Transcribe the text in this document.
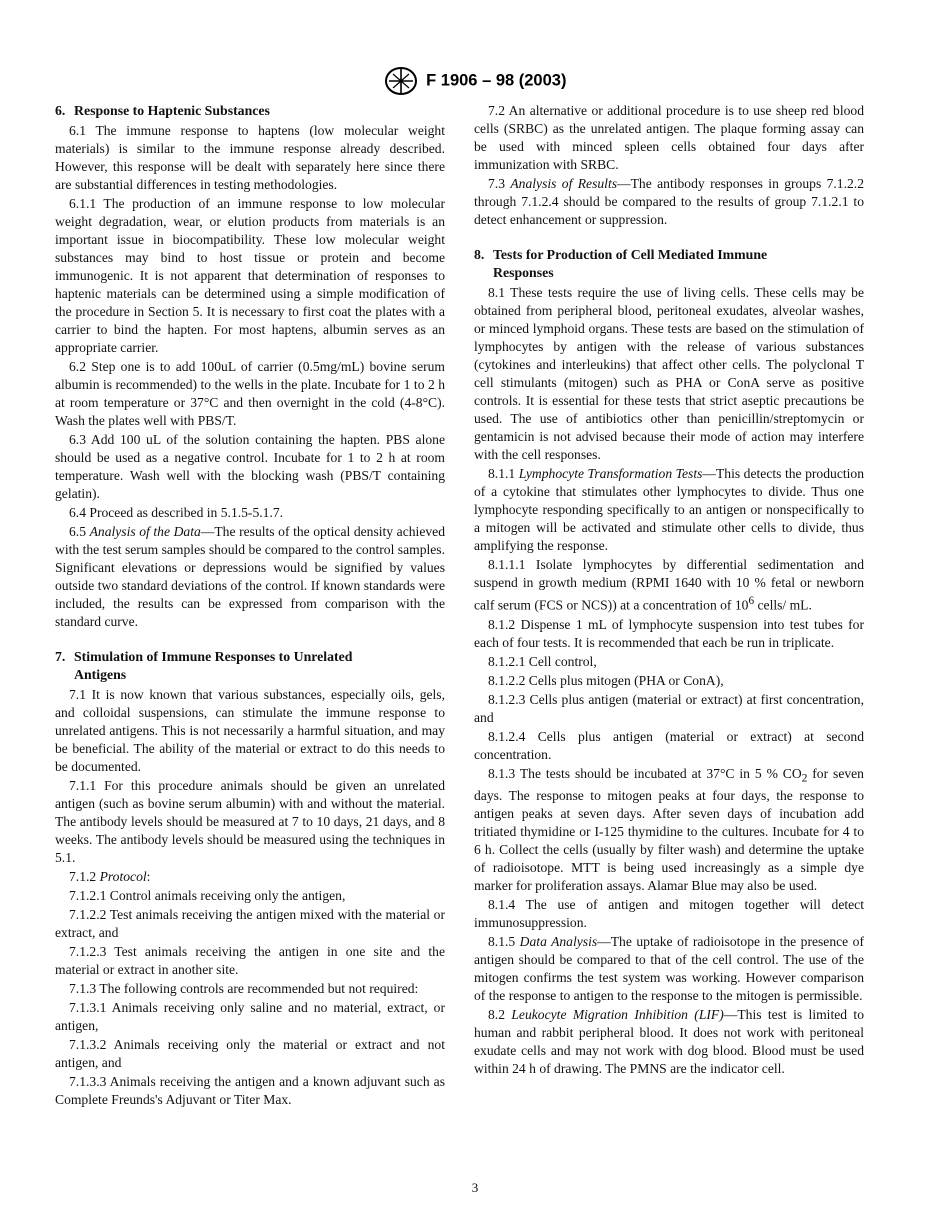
F 1906 – 98 (2003)
6. Response to Haptenic Substances

6.1 The immune response to haptens (low molecular weight materials) is similar to the immune response already described. However, this response will be dealt with separately here since there are substantial differences in testing methodologies.

6.1.1 The production of an immune response to low molecular weight degradation, wear, or elution products from materials is an important issue in biocompatibility. These low molecular weight substances may bind to host tissue or protein and become immunogenic. It is not apparent that determination of responses to haptenic materials can be determined using a simple modification of the procedure in Section 5. It is necessary to first coat the plates with a carrier to bind the hapten. For most haptens, albumin serves as an appropriate carrier.

6.2 Step one is to add 100uL of carrier (0.5mg/mL) bovine serum albumin is recommended) to the wells in the plate. Incubate for 1 to 2 h at room temperature or 37°C and then overnight in the cold (4-8°C). Wash the plates well with PBS/T.

6.3 Add 100 uL of the solution containing the hapten. PBS alone should be used as a negative control. Incubate for 1 to 2 h at room temperature. Wash well with the blocking wash (PBS/T containing gelatin).

6.4 Proceed as described in 5.1.5-5.1.7.

6.5 Analysis of the Data—The results of the optical density achieved with the test serum samples should be compared to the control samples. Significant elevations or depressions would be signified by values outside two standard deviations of the control. If known standards were included, the results can be expressed from comparison with the standard curve.

7. Stimulation of Immune Responses to Unrelated
Antigens

7.1 It is now known that various substances, especially oils, gels, and colloidal suspensions, can stimulate the immune response to unrelated antigens. This is not necessarily a harmful situation, and may be beneficial. The ability of the material or extract to do this needs to be documented.

7.1.1 For this procedure animals should be given an unrelated antigen (such as bovine serum albumin) with and without the material. The antibody levels should be measured at 7 to 10 days, 21 days, and 8 weeks. The antibody levels should be measured using the techniques in 5.1.

7.1.2 Protocol:

7.1.2.1 Control animals receiving only the antigen,

7.1.2.2 Test animals receiving the antigen mixed with the material or extract, and

7.1.2.3 Test animals receiving the antigen in one site and the material or extract in another site.

7.1.3 The following controls are recommended but not required:

7.1.3.1 Animals receiving only saline and no material, extract, or antigen,

7.1.3.2 Animals receiving only the material or extract and not antigen, and

7.1.3.3 Animals receiving the antigen and a known adjuvant such as Complete Freunds's Adjuvant or Titer Max.

7.2 An alternative or additional procedure is to use sheep red blood cells (SRBC) as the unrelated antigen. The plaque forming assay can be used with minced spleen cells obtained four days after immunization with SRBC.

7.3 Analysis of Results—The antibody responses in groups 7.1.2.2 through 7.1.2.4 should be compared to the results of group 7.1.2.1 to detect enhancement or suppression.

8. Tests for Production of Cell Mediated Immune
Responses

8.1 These tests require the use of living cells. These cells may be obtained from peripheral blood, peritoneal exudates, alveolar washes, or minced lymphoid organs. These tests are based on the stimulation of lymphocytes by antigen with the release of various substances (cytokines and interleukins) that affect other cells. The polyclonal T cell stimulants (mitogen) such as PHA or ConA serve as positive controls. It is essential for these tests that strict aseptic precautions be used. The use of antibiotics other than penicillin/streptomycin or gentamicin is not advised because their mode of action may interfere with the cell responses.

8.1.1 Lymphocyte Transformation Tests—This detects the production of a cytokine that stimulates other lymphocytes to divide. Thus one lymphocyte responding specifically to an antigen or nonspecifically to a mitogen will be activated and stimulate other cells to divide, thus amplifying the response.

8.1.1.1 Isolate lymphocytes by differential sedimentation and suspend in growth medium (RPMI 1640 with 10 % fetal or newborn calf serum (FCS or NCS)) at a concentration of $10^6$ cells/ mL.

8.1.2 Dispense 1 mL of lymphocyte suspension into test tubes for each of four tests. It is recommended that each be run in triplicate.

8.1.2.1 Cell control,

8.1.2.2 Cells plus mitogen (PHA or ConA),

8.1.2.3 Cells plus antigen (material or extract) at first concentration, and

8.1.2.4 Cells plus antigen (material or extract) at second concentration.

8.1.3 The tests should be incubated at 37°C in 5 % $CO_2$ for seven days. The response to mitogen peaks at four days, the response to antigen peaks at seven days. After seven days of incubation add tritiated thymidine or I-125 thymidine to the cultures. Incubate for 4 to 6 h. Collect the cells (usually by filter wash) and determine the uptake of radioisotope. MTT is being used increasingly as a simple dye marker for proliferation assays. Alamar Blue may also be used.

8.1.4 The use of antigen and mitogen together will detect immunosuppression.

8.1.5 Data Analysis—The uptake of radioisotope in the presence of antigen should be compared to that of the cell control. The use of the mitogen confirms the test system was working. However comparison of the response to antigen to the response to the mitogen is permissible.

8.2 Leukocyte Migration Inhibition (LIF)—This test is limited to human and rabbit peripheral blood. It does not work with peritoneal exudate cells and may not work with dog blood. Blood must be used within 24 h of drawing. The PMNS are the indicator cell.

3
